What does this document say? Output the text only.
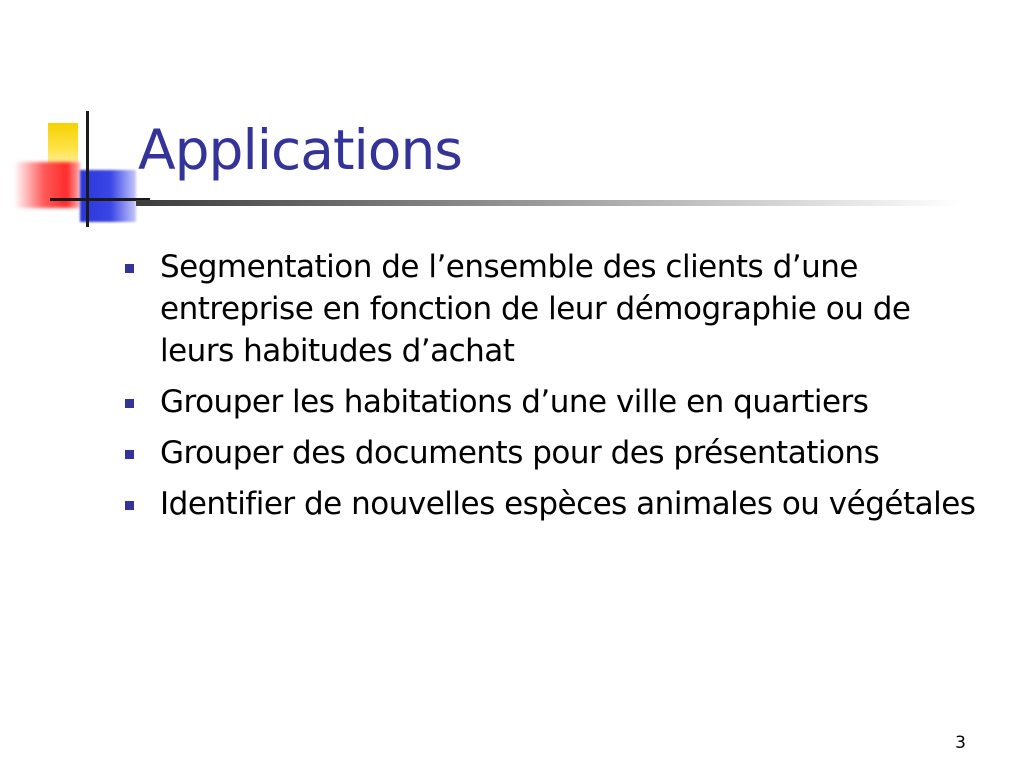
Applications
Segmentation de l’ensemble des clients d’une entreprise en fonction de leur démographie ou de leurs habitudes d’achat
Grouper les habitations d’une ville en quartiers
Grouper des documents pour des présentations
Identifier de nouvelles espèces animales ou végétales
3
